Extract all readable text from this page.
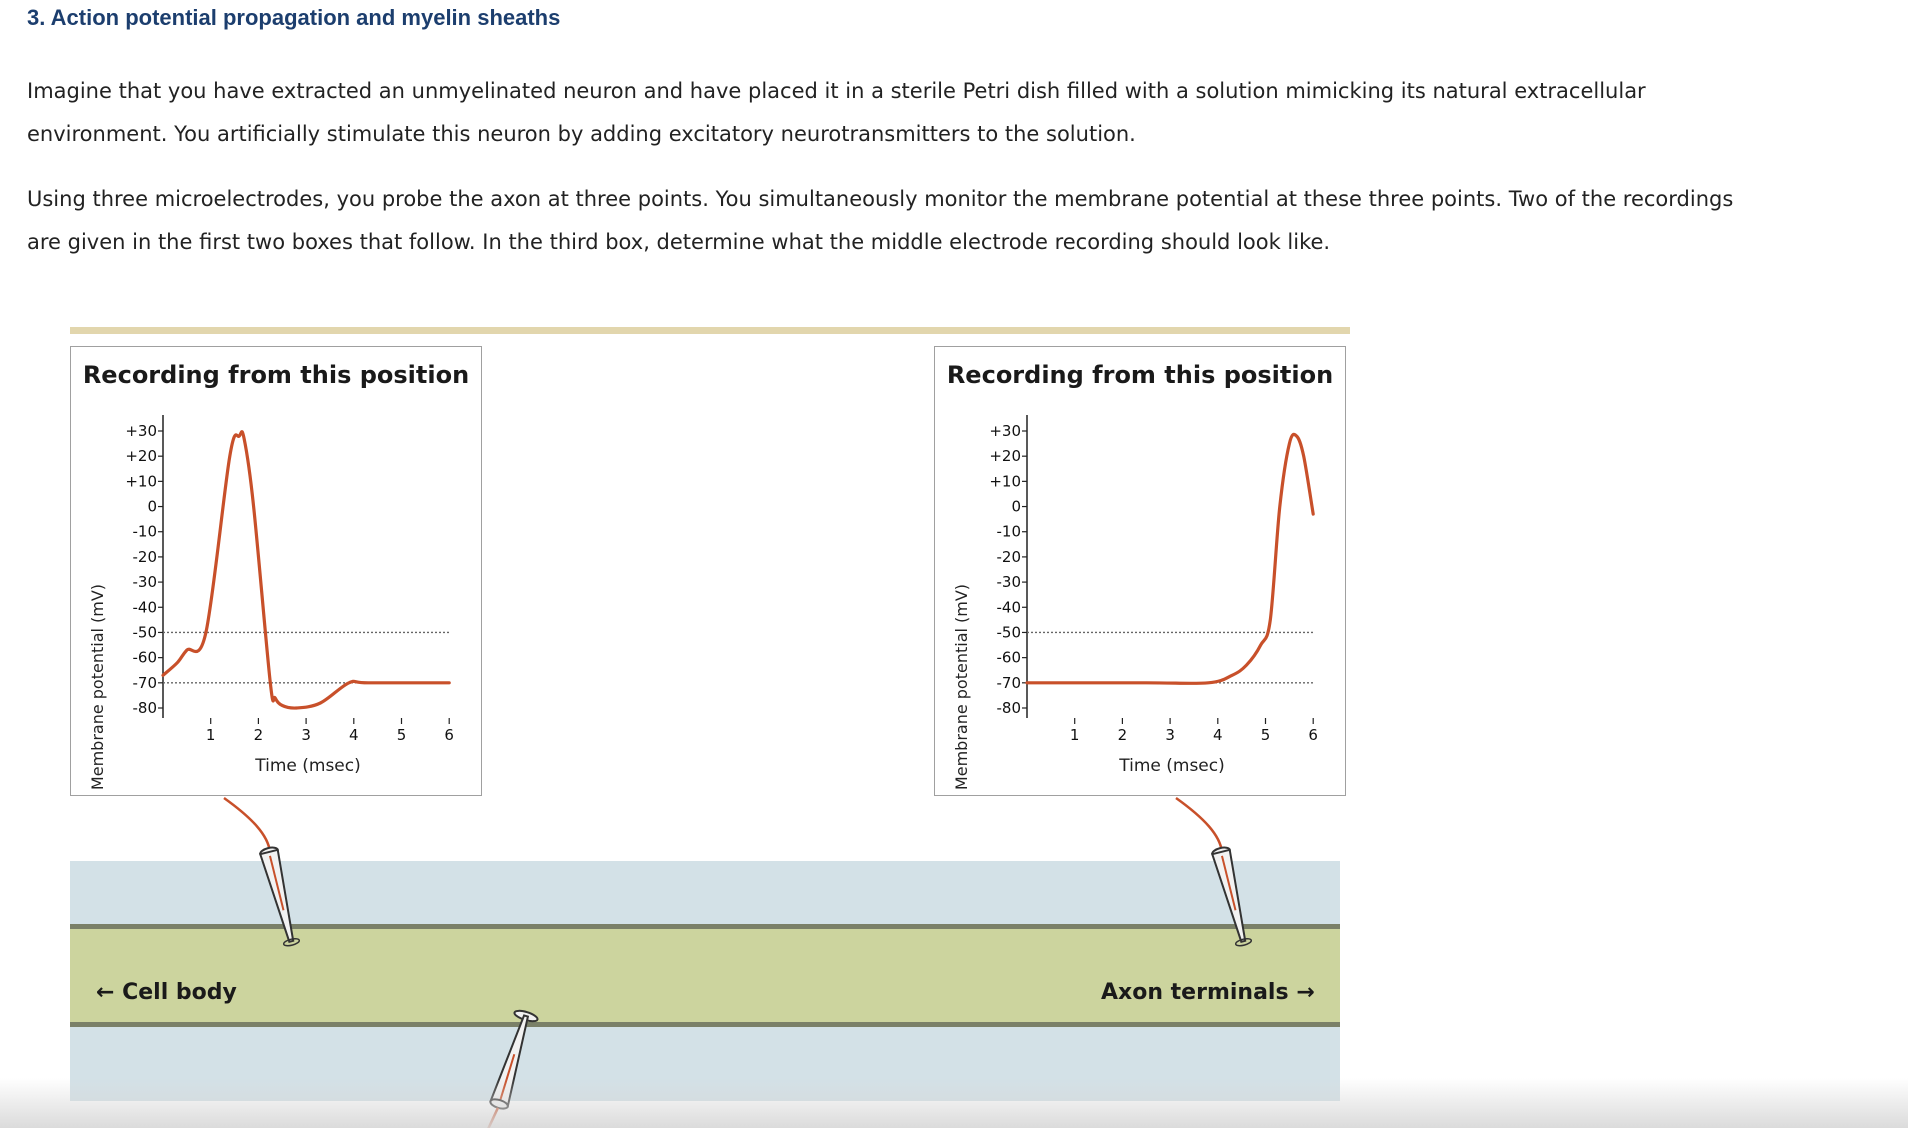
3. Action potential propagation and myelin sheaths
Imagine that you have extracted an unmyelinated neuron and have placed it in a sterile Petri dish filled with a solution mimicking its natural extracellular environment. You artificially stimulate this neuron by adding excitatory neurotransmitters to the solution.
Using three microelectrodes, you probe the axon at three points. You simultaneously monitor the membrane potential at these three points. Two of the recordings are given in the first two boxes that follow. In the third box, determine what the middle electrode recording should look like.
Recording from this position
Membrane potential (mV)	Time (msec)
+30
+20
+10
0
-10
-20
-30
-40
-50
-60
-70
-80
1	2	3	4	5	6
Recording from this position
Membrane potential (mV)	Time (msec)
+30
+20
+10
0
-10
-20
-30
-40
-50
-60
-70
-80
1	2	3	4	5	6
← Cell body	Axon terminals →
